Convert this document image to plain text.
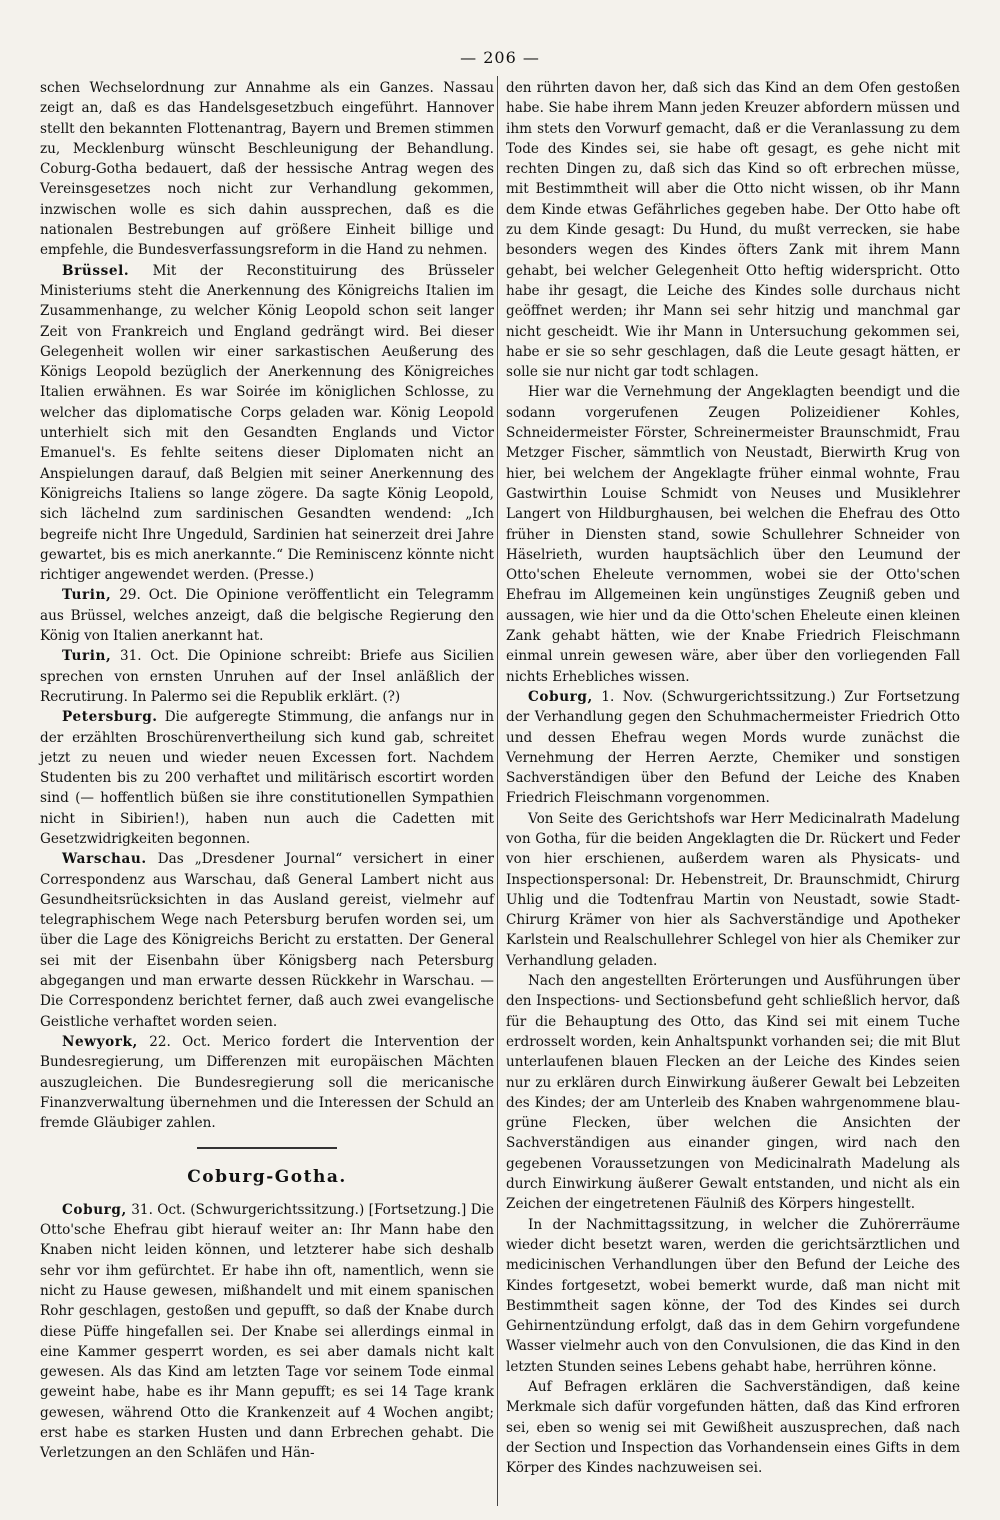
— 206 —

schen Wechselordnung zur Annahme als ein Ganzes. Nassau zeigt an, daß es das Handelsgesetzbuch eingeführt. Hannover stellt den bekannten Flottenantrag, Bayern und Bremen stimmen zu, Mecklenburg wünscht Beschleunigung der Behandlung. Coburg-Gotha bedauert, daß der hessische Antrag wegen des Vereinsgesetzes noch nicht zur Verhandlung gekommen, inzwischen wolle es sich dahin aussprechen, daß es die nationalen Bestrebungen auf größere Einheit billige und empfehle, die Bundesverfassungsreform in die Hand zu nehmen.

Brüssel. Mit der Reconstituirung des Brüsseler Ministeriums steht die Anerkennung des Königreichs Italien im Zusammenhange, zu welcher König Leopold schon seit langer Zeit von Frankreich und England gedrängt wird. Bei dieser Gelegenheit wollen wir einer sarkastischen Aeußerung des Königs Leopold bezüglich der Anerkennung des Königreiches Italien erwähnen. Es war Soirée im königlichen Schlosse, zu welcher das diplomatische Corps geladen war. König Leopold unterhielt sich mit den Gesandten Englands und Victor Emanuel's. Es fehlte seitens dieser Diplomaten nicht an Anspielungen darauf, daß Belgien mit seiner Anerkennung des Königreichs Italiens so lange zögere. Da sagte König Leopold, sich lächelnd zum sardinischen Gesandten wendend: „Ich begreife nicht Ihre Ungeduld, Sardinien hat seinerzeit drei Jahre gewartet, bis es mich anerkannte.“ Die Reminiscenz könnte nicht richtiger angewendet werden. (Presse.)

Turin, 29. Oct. Die Opinione veröffentlicht ein Telegramm aus Brüssel, welches anzeigt, daß die belgische Regierung den König von Italien anerkannt hat.

Turin, 31. Oct. Die Opinione schreibt: Briefe aus Sicilien sprechen von ernsten Unruhen auf der Insel anläßlich der Recrutirung. In Palermo sei die Republik erklärt. (?)

Petersburg. Die aufgeregte Stimmung, die anfangs nur in der erzählten Broschürenvertheilung sich kund gab, schreitet jetzt zu neuen und wieder neuen Excessen fort. Nachdem Studenten bis zu 200 verhaftet und militärisch escortirt worden sind (— hoffentlich büßen sie ihre constitutionellen Sympathien nicht in Sibirien!), haben nun auch die Cadetten mit Gesetzwidrigkeiten begonnen.

Warschau. Das „Dresdener Journal“ versichert in einer Correspondenz aus Warschau, daß General Lambert nicht aus Gesundheitsrücksichten in das Ausland gereist, vielmehr auf telegraphischem Wege nach Petersburg berufen worden sei, um über die Lage des Königreichs Bericht zu erstatten. Der General sei mit der Eisenbahn über Königsberg nach Petersburg abgegangen und man erwarte dessen Rückkehr in Warschau. — Die Correspondenz berichtet ferner, daß auch zwei evangelische Geistliche verhaftet worden seien.

Newyork, 22. Oct. Merico fordert die Intervention der Bundesregierung, um Differenzen mit europäischen Mächten auszugleichen. Die Bundesregierung soll die mericanische Finanzverwaltung übernehmen und die Interessen der Schuld an fremde Gläubiger zahlen.

Coburg-Gotha.

Coburg, 31. Oct. (Schwurgerichtssitzung.) [Fortsetzung.] Die Otto'sche Ehefrau gibt hierauf weiter an: Ihr Mann habe den Knaben nicht leiden können, und letzterer habe sich deshalb sehr vor ihm gefürchtet. Er habe ihn oft, namentlich, wenn sie nicht zu Hause gewesen, mißhandelt und mit einem spanischen Rohr geschlagen, gestoßen und gepufft, so daß der Knabe durch diese Püffe hingefallen sei. Der Knabe sei allerdings einmal in eine Kammer gesperrt worden, es sei aber damals nicht kalt gewesen. Als das Kind am letzten Tage vor seinem Tode einmal geweint habe, habe es ihr Mann gepufft; es sei 14 Tage krank gewesen, während Otto die Krankenzeit auf 4 Wochen angibt; erst habe es starken Husten und dann Erbrechen gehabt. Die Verletzungen an den Schläfen und Hän-

den rührten davon her, daß sich das Kind an dem Ofen gestoßen habe. Sie habe ihrem Mann jeden Kreuzer abfordern müssen und ihm stets den Vorwurf gemacht, daß er die Veranlassung zu dem Tode des Kindes sei, sie habe oft gesagt, es gehe nicht mit rechten Dingen zu, daß sich das Kind so oft erbrechen müsse, mit Bestimmtheit will aber die Otto nicht wissen, ob ihr Mann dem Kinde etwas Gefährliches gegeben habe. Der Otto habe oft zu dem Kinde gesagt: Du Hund, du mußt verrecken, sie habe besonders wegen des Kindes öfters Zank mit ihrem Mann gehabt, bei welcher Gelegenheit Otto heftig widerspricht. Otto habe ihr gesagt, die Leiche des Kindes solle durchaus nicht geöffnet werden; ihr Mann sei sehr hitzig und manchmal gar nicht gescheidt. Wie ihr Mann in Untersuchung gekommen sei, habe er sie so sehr geschlagen, daß die Leute gesagt hätten, er solle sie nur nicht gar todt schlagen.

Hier war die Vernehmung der Angeklagten beendigt und die sodann vorgerufenen Zeugen Polizeidiener Kohles, Schneidermeister Förster, Schreinermeister Braunschmidt, Frau Metzger Fischer, sämmtlich von Neustadt, Bierwirth Krug von hier, bei welchem der Angeklagte früher einmal wohnte, Frau Gastwirthin Louise Schmidt von Neuses und Musiklehrer Langert von Hildburghausen, bei welchen die Ehefrau des Otto früher in Diensten stand, sowie Schullehrer Schneider von Häselrieth, wurden hauptsächlich über den Leumund der Otto'schen Eheleute vernommen, wobei sie der Otto'schen Ehefrau im Allgemeinen kein ungünstiges Zeugniß geben und aussagen, wie hier und da die Otto'schen Eheleute einen kleinen Zank gehabt hätten, wie der Knabe Friedrich Fleischmann einmal unrein gewesen wäre, aber über den vorliegenden Fall nichts Erhebliches wissen.

Coburg, 1. Nov. (Schwurgerichtssitzung.) Zur Fortsetzung der Verhandlung gegen den Schuhmachermeister Friedrich Otto und dessen Ehefrau wegen Mords wurde zunächst die Vernehmung der Herren Aerzte, Chemiker und sonstigen Sachverständigen über den Befund der Leiche des Knaben Friedrich Fleischmann vorgenommen.

Von Seite des Gerichtshofs war Herr Medicinalrath Madelung von Gotha, für die beiden Angeklagten die Dr. Rückert und Feder von hier erschienen, außerdem waren als Physicats- und Inspectionspersonal: Dr. Hebenstreit, Dr. Braunschmidt, Chirurg Uhlig und die Todtenfrau Martin von Neustadt, sowie Stadt-Chirurg Krämer von hier als Sachverständige und Apotheker Karlstein und Realschullehrer Schlegel von hier als Chemiker zur Verhandlung geladen.

Nach den angestellten Erörterungen und Ausführungen über den Inspections- und Sectionsbefund geht schließlich hervor, daß für die Behauptung des Otto, das Kind sei mit einem Tuche erdrosselt worden, kein Anhaltspunkt vorhanden sei; die mit Blut unterlaufenen blauen Flecken an der Leiche des Kindes seien nur zu erklären durch Einwirkung äußerer Gewalt bei Lebzeiten des Kindes; der am Unterleib des Knaben wahrgenommene blau-grüne Flecken, über welchen die Ansichten der Sachverständigen aus einander gingen, wird nach den gegebenen Voraussetzungen von Medicinalrath Madelung als durch Einwirkung äußerer Gewalt entstanden, und nicht als ein Zeichen der eingetretenen Fäulniß des Körpers hingestellt.

In der Nachmittagssitzung, in welcher die Zuhörerräume wieder dicht besetzt waren, werden die gerichtsärztlichen und medicinischen Verhandlungen über den Befund der Leiche des Kindes fortgesetzt, wobei bemerkt wurde, daß man nicht mit Bestimmtheit sagen könne, der Tod des Kindes sei durch Gehirnentzündung erfolgt, daß das in dem Gehirn vorgefundene Wasser vielmehr auch von den Convulsionen, die das Kind in den letzten Stunden seines Lebens gehabt habe, herrühren könne.

Auf Befragen erklären die Sachverständigen, daß keine Merkmale sich dafür vorgefunden hätten, daß das Kind erfroren sei, eben so wenig sei mit Gewißheit auszusprechen, daß nach der Section und Inspection das Vorhandensein eines Gifts in dem Körper des Kindes nachzuweisen sei.
